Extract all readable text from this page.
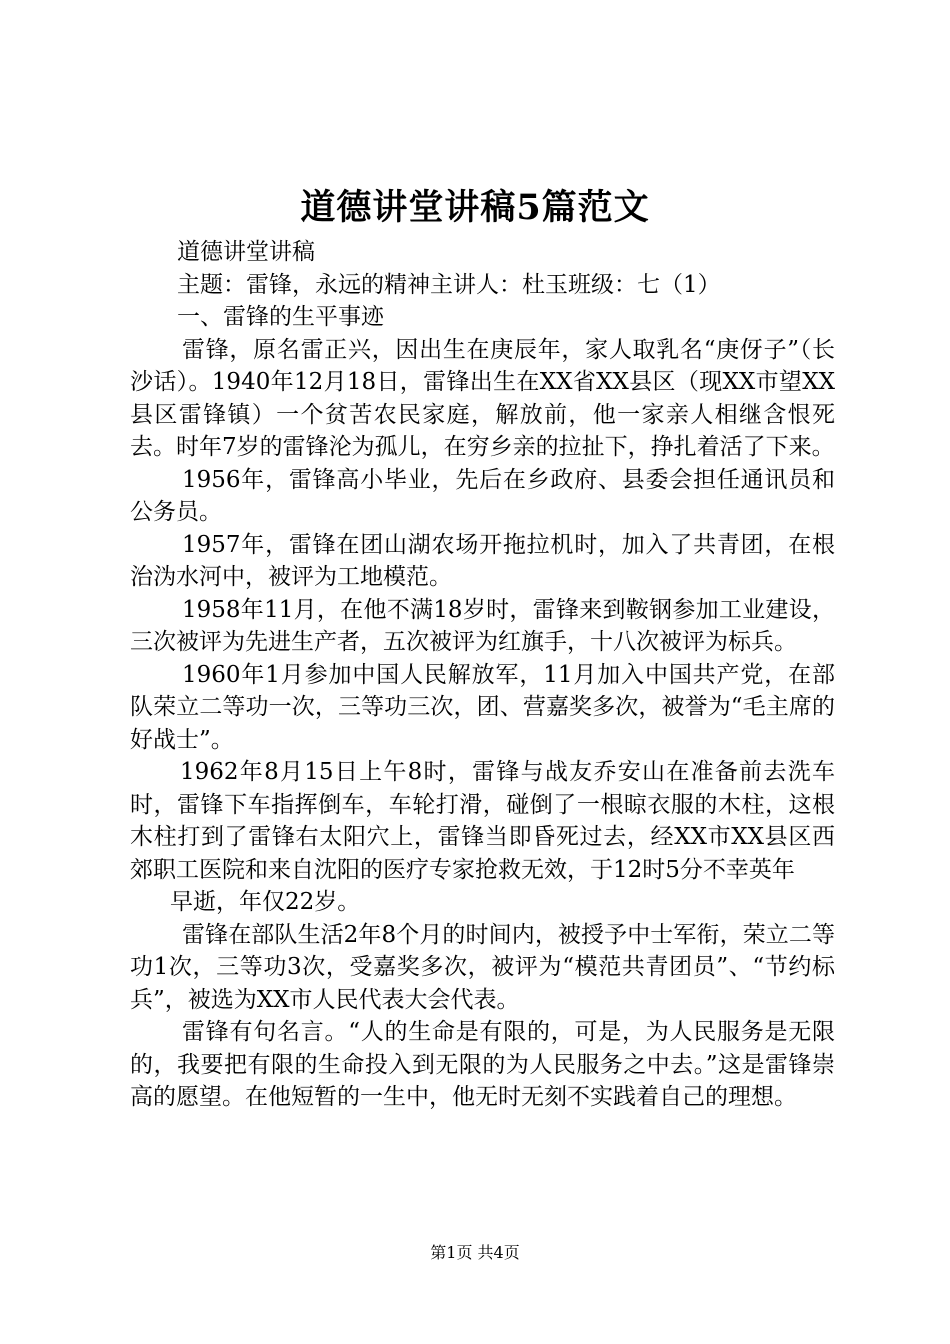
道德讲堂讲稿5篇范文

道德讲堂讲稿

主题：雷锋，永远的精神主讲人：杜玉班级：七（1）

一、雷锋的生平事迹

雷锋，原名雷正兴，因出生在庚辰年，家人取乳名“庚伢子”（长沙话）。1940年12月18日，雷锋出生在XX省XX县区（现XX市望XX县区雷锋镇）一个贫苦农民家庭，解放前，他一家亲人相继含恨死去。时年7岁的雷锋沦为孤儿，在穷乡亲的拉扯下，挣扎着活了下来。

1956年，雷锋高小毕业，先后在乡政府、县委会担任通讯员和公务员。

1957年，雷锋在团山湖农场开拖拉机时，加入了共青团，在根治沩水河中，被评为工地模范。

1958年11月，在他不满18岁时，雷锋来到鞍钢参加工业建设，三次被评为先进生产者，五次被评为红旗手，十八次被评为标兵。

1960年1月参加中国人民解放军，11月加入中国共产党，在部队荣立二等功一次，三等功三次，团、营嘉奖多次，被誉为“毛主席的好战士”。

1962年8月15日上午8时，雷锋与战友乔安山在准备前去洗车时，雷锋下车指挥倒车，车轮打滑，碰倒了一根晾衣服的木柱，这根木柱打到了雷锋右太阳穴上，雷锋当即昏死过去，经XX市XX县区西郊职工医院和来自沈阳的医疗专家抢救无效，于12时5分不幸英年

早逝，年仅22岁。

雷锋在部队生活2年8个月的时间内，被授予中士军衔，荣立二等功1次，三等功3次，受嘉奖多次，被评为“模范共青团员”、“节约标兵”，被选为XX市人民代表大会代表。

雷锋有句名言。“人的生命是有限的，可是，为人民服务是无限的，我要把有限的生命投入到无限的为人民服务之中去。”这是雷锋崇高的愿望。在他短暂的一生中，他无时无刻不实践着自己的理想。

第1页 共4页
